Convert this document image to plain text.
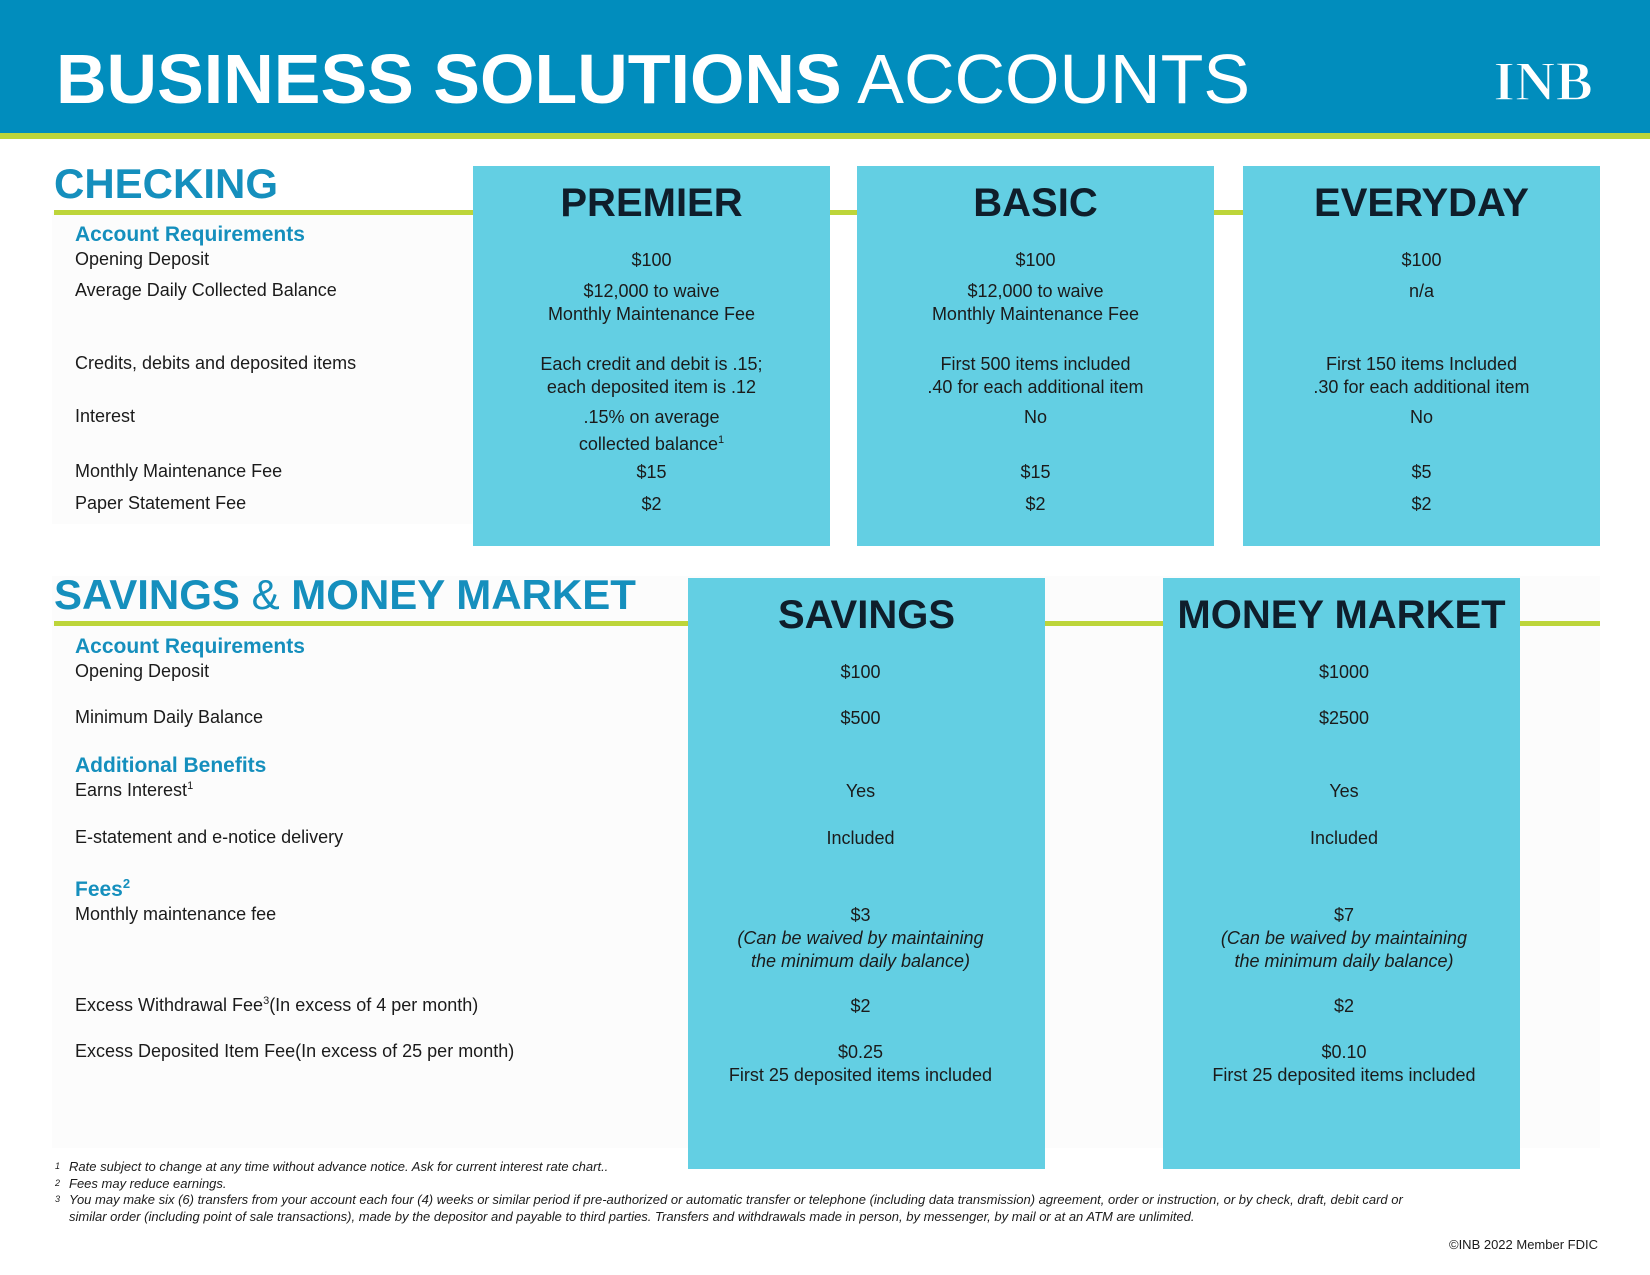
BUSINESS SOLUTIONS ACCOUNTS	INB
CHECKING
Account Requirements
Opening Deposit
Average Daily Collected Balance
Credits, debits and deposited items
Interest
Monthly Maintenance Fee
Paper Statement Fee
PREMIER
$100
$12,000 to waive
Monthly Maintenance Fee
Each credit and debit is .15;
each deposited item is .12
.15% on average
collected balance$^1$
$15
$2
BASIC
$100
$12,000 to waive
Monthly Maintenance Fee
First 500 items included
.40 for each additional item
No
$15
$2
EVERYDAY
$100
n/a
First 150 items Included
.30 for each additional item
No
$5
$2
SAVINGS & MONEY MARKET
Account Requirements
Opening Deposit
Minimum Daily Balance
Additional Benefits
Earns Interest$^1$
E-statement and e-notice delivery
Fees$^2$
Monthly maintenance fee
Excess Withdrawal Fee$^3$(In excess of 4 per month)
Excess Deposited Item Fee(In excess of 25 per month)
SAVINGS
$100
$500
Yes
Included
$3
(Can be waived by maintaining
the minimum daily balance)
$2
$0.25
First 25 deposited items included
MONEY MARKET
$1000
$2500
Yes
Included
$7
(Can be waived by maintaining
the minimum daily balance)
$2
$0.10
First 25 deposited items included
1 Rate subject to change at any time without advance notice. Ask for current interest rate chart..
2 Fees may reduce earnings.
3 You may make six (6) transfers from your account each four (4) weeks or similar period if pre-authorized or automatic transfer or telephone (including data transmission) agreement, order or instruction, or by check, draft, debit card or
similar order (including point of sale transactions), made by the depositor and payable to third parties. Transfers and withdrawals made in person, by messenger, by mail or at an ATM are unlimited.
©INB 2022 Member FDIC
